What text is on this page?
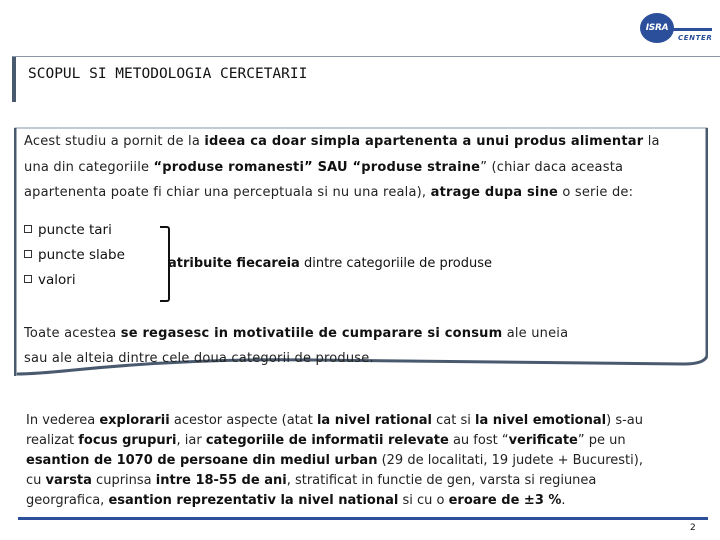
ISRA
CENTER
SCOPUL SI METODOLOGIA CERCETARII
Acest studiu a pornit de la ideea ca doar simpla apartenenta a unui produs alimentar la
una din categoriile “produse romanesti” SAU “produse straine” (chiar daca aceasta
apartenenta poate fi chiar una perceptuala si nu una reala), atrage dupa sine o serie de:
puncte tari
puncte slabe
valori
atribuite fiecareia dintre categoriile de produse
Toate acestea se regasesc in motivatiile de cumparare si consum ale uneia
sau ale alteia dintre cele doua categorii de produse.
In vederea explorarii acestor aspecte (atat la nivel rational cat si la nivel emotional) s-au
realizat focus grupuri, iar categoriile de informatii relevate au fost “verificate” pe un
esantion de 1070 de persoane din mediul urban (29 de localitati, 19 judete + Bucuresti),
cu varsta cuprinsa intre 18-55 de ani, stratificat in functie de gen, varsta si regiunea
georgrafica, esantion reprezentativ la nivel national si cu o eroare de ±3 %.
2
